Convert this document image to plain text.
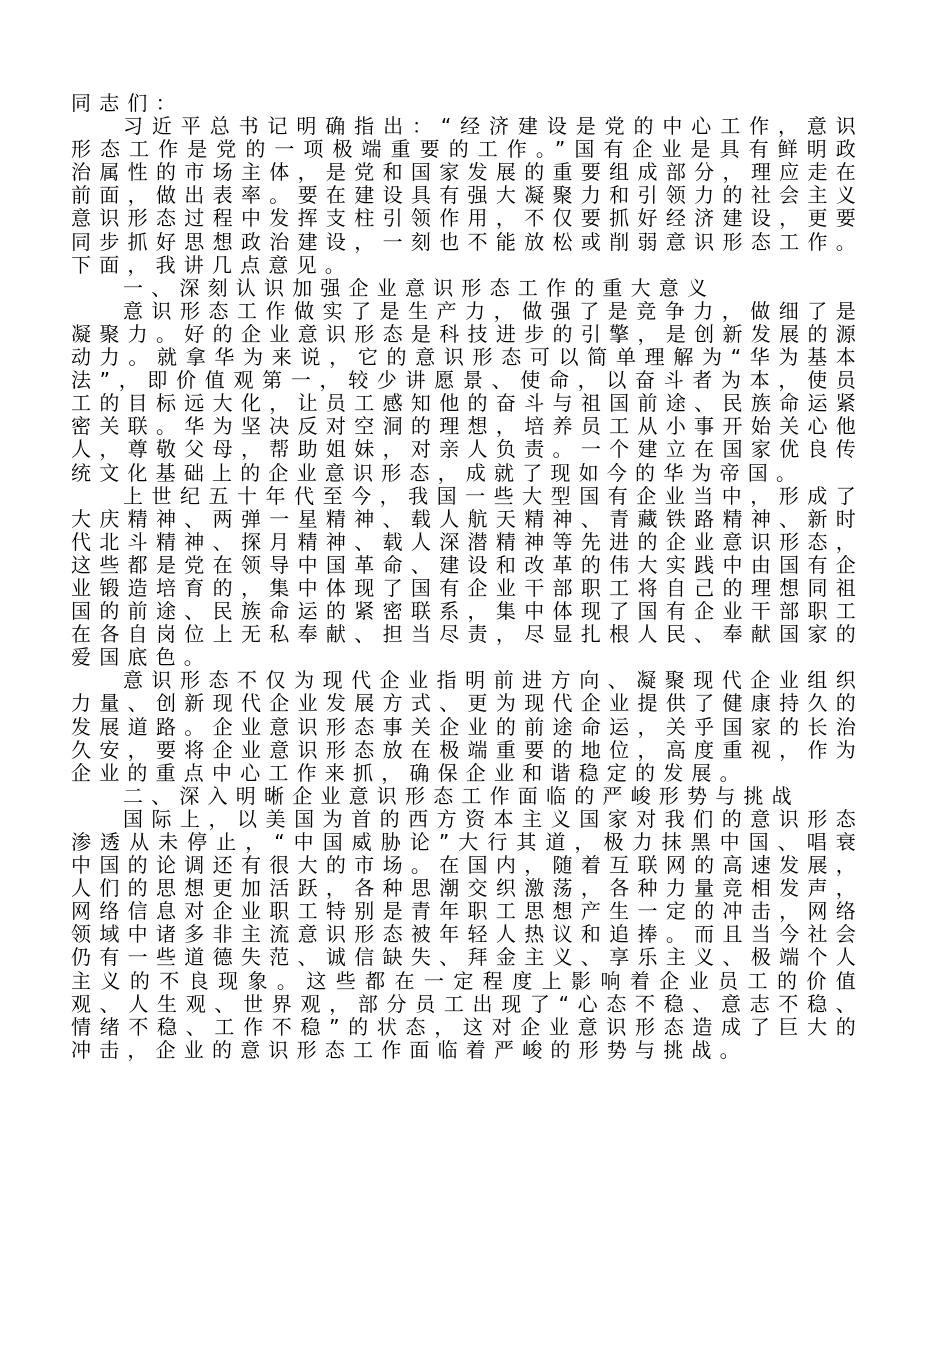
同志们：

习近平总书记明确指出：“经济建设是党的中心工作，意识形态工作是党的一项极端重要的工作。”国有企业是具有鲜明政治属性的市场主体，是党和国家发展的重要组成部分，理应走在前面，做出表率。要在建设具有强大凝聚力和引领力的社会主义意识形态过程中发挥支柱引领作用，不仅要抓好经济建设，更要同步抓好思想政治建设，一刻也不能放松或削弱意识形态工作。下面，我讲几点意见。

一、深刻认识加强企业意识形态工作的重大意义

意识形态工作做实了是生产力，做强了是竞争力，做细了是凝聚力。好的企业意识形态是科技进步的引擎，是创新发展的源动力。就拿华为来说，它的意识形态可以简单理解为“华为基本法”，即价值观第一，较少讲愿景、使命，以奋斗者为本，使员工的目标远大化，让员工感知他的奋斗与祖国前途、民族命运紧密关联。华为坚决反对空洞的理想，培养员工从小事开始关心他人，尊敬父母，帮助姐妹，对亲人负责。一个建立在国家优良传统文化基础上的企业意识形态，成就了现如今的华为帝国。

上世纪五十年代至今，我国一些大型国有企业当中，形成了大庆精神、两弹一星精神、载人航天精神、青藏铁路精神、新时代北斗精神、探月精神、载人深潜精神等先进的企业意识形态，这些都是党在领导中国革命、建设和改革的伟大实践中由国有企业锻造培育的，集中体现了国有企业干部职工将自己的理想同祖国的前途、民族命运的紧密联系，集中体现了国有企业干部职工在各自岗位上无私奉献、担当尽责，尽显扎根人民、奉献国家的爱国底色。

意识形态不仅为现代企业指明前进方向、凝聚现代企业组织力量、创新现代企业发展方式、更为现代企业提供了健康持久的发展道路。企业意识形态事关企业的前途命运，关乎国家的长治久安，要将企业意识形态放在极端重要的地位，高度重视，作为企业的重点中心工作来抓，确保企业和谐稳定的发展。

二、深入明晰企业意识形态工作面临的严峻形势与挑战

国际上，以美国为首的西方资本主义国家对我们的意识形态渗透从未停止，“中国威胁论”大行其道，极力抹黑中国、唱衰中国的论调还有很大的市场。在国内，随着互联网的高速发展，人们的思想更加活跃，各种思潮交织激荡，各种力量竞相发声，网络信息对企业职工特别是青年职工思想产生一定的冲击，网络领域中诸多非主流意识形态被年轻人热议和追捧。而且当今社会仍有一些道德失范、诚信缺失、拜金主义、享乐主义、极端个人主义的不良现象。这些都在一定程度上影响着企业员工的价值观、人生观、世界观，部分员工出现了“心态不稳、意志不稳、情绪不稳、工作不稳”的状态，这对企业意识形态造成了巨大的冲击，企业的意识形态工作面临着严峻的形势与挑战。
